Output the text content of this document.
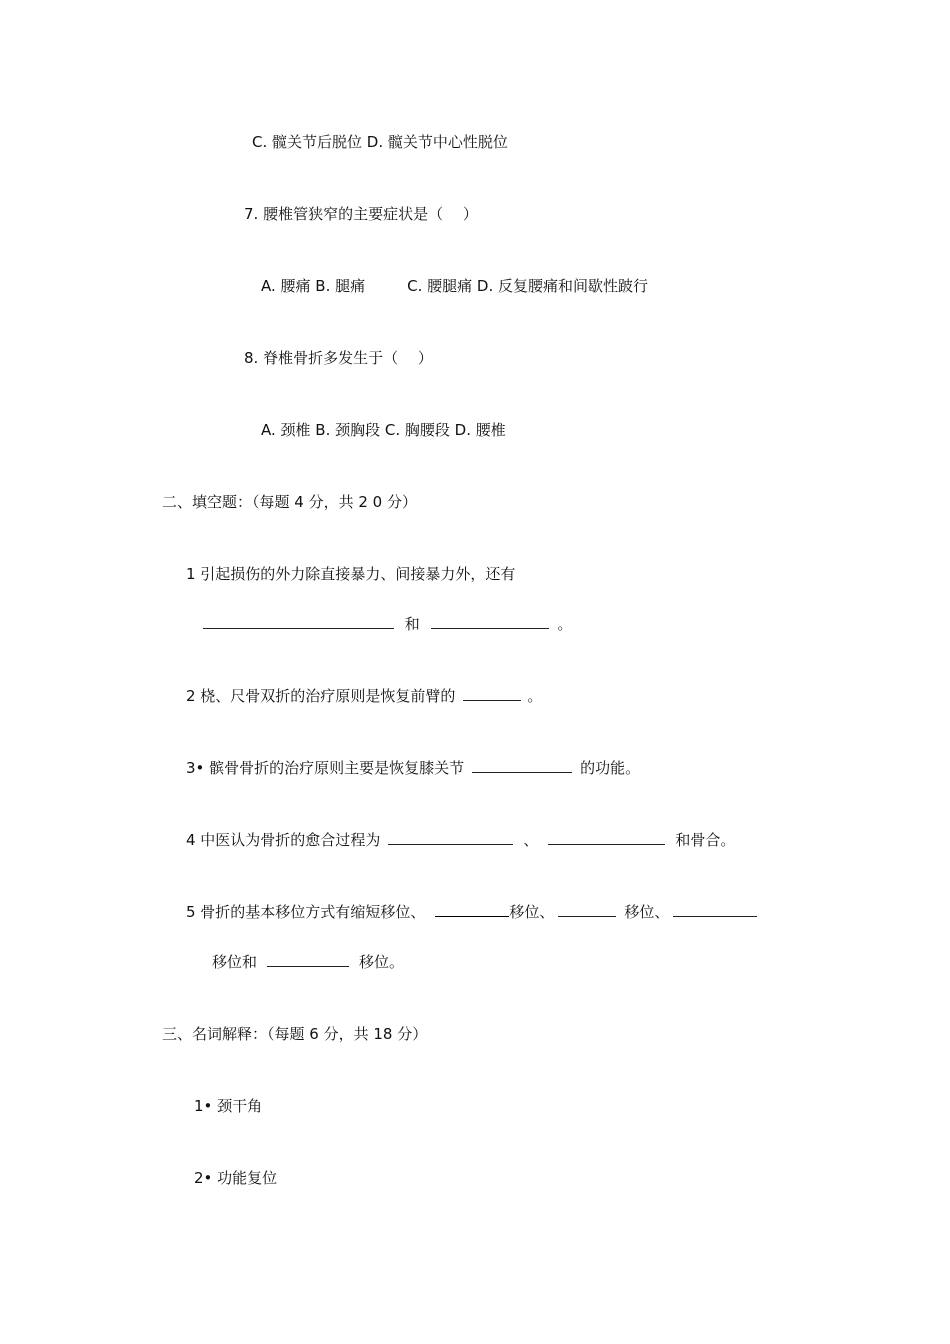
C. 髋关节后脱位 D. 髋关节中心性脱位
7. 腰椎管狭窄的主要症状是（　 ）
A. 腰痛 B. 腿痛	C. 腰腿痛 D. 反复腰痛和间歇性跛行
8. 脊椎骨折多发生于（　 ）
A. 颈椎 B. 颈胸段 C. 胸腰段 D. 腰椎
二、填空题：（每题 4 分，共 2 0 分）
1 引起损伤的外力除直接暴力、间接暴力外，还有
和	。
2 桡、尺骨双折的治疗原则是恢复前臂的	。
3• 髌骨骨折的治疗原则主要是恢复膝关节	的功能。
4 中医认为骨折的愈合过程为	、	和骨合。
5 骨折的基本移位方式有缩短移位、	移位、	移位、
移位和	移位。
三、名词解释：（每题 6 分，共 18 分）
1• 颈干角
2• 功能复位
